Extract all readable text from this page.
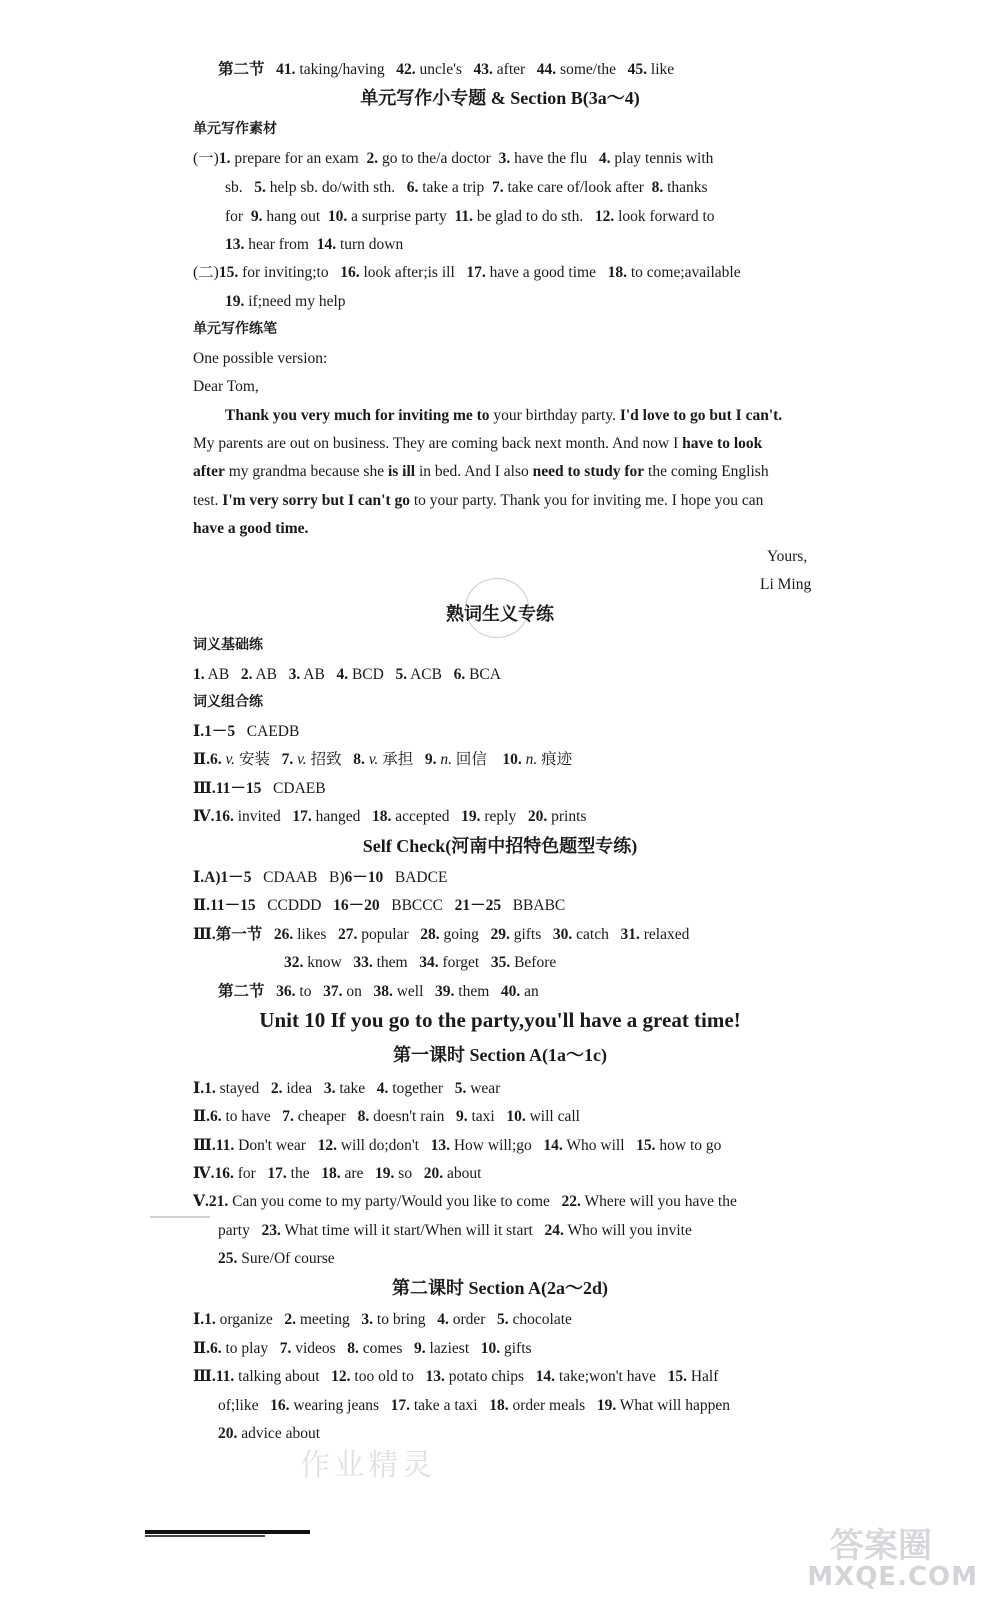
单元写作小专题 & Section B(3a～4)
单元写作素材
单元写作练笔
Yours,
Li Ming
熟词生义专练
词义基础练
词义组合练
Self Check(河南中招特色题型专练)
Unit 10 If you go to the party,you'll have a great time!
第一课时 Section A(1a～1c)
第二课时 Section A(2a～2d)
第二节 41. taking/having   42. uncle's   43. after   44. some/the   45. like
(一)1. prepare for an exam  2. go to the/a doctor  3. have the flu   4. play tennis with
sb.   5. help sb. do/with sth.   6. take a trip  7. take care of/look after  8. thanks
for  9. hang out  10. a surprise party  11. be glad to do sth.   12. look forward to
13. hear from  14. turn down
(二)15. for inviting;to   16. look after;is ill   17. have a good time   18. to come;available
19. if;need my help
One possible version:
Dear Tom,
Thank you very much for inviting me to your birthday party. I'd love to go but I can't.
My parents are out on business. They are coming back next month. And now I have to look
after my grandma because she is ill in bed. And I also need to study for the coming English
test. I'm very sorry but I can't go to your party. Thank you for inviting me. I hope you can
have a good time.
1. AB   2. AB   3. AB   4. BCD   5. ACB   6. BCA
Ⅰ.1－5   CAEDB
Ⅱ.6. v. 安装   7. v. 招致   8. v. 承担   9. n. 回信    10. n. 痕迹
Ⅲ.11－15   CDAEB
Ⅳ.16. invited   17. hanged   18. accepted   19. reply   20. prints
Ⅰ.A)1－5   CDAAB   B)6－10   BADCE
Ⅱ.11－15   CCDDD   16－20   BBCCC   21－25   BBABC
Ⅲ.第一节 26. likes   27. popular   28. going   29. gifts   30. catch   31. relaxed
32. know   33. them   34. forget   35. Before
第二节 36. to   37. on   38. well   39. them   40. an
Ⅰ.1. stayed   2. idea   3. take   4. together   5. wear
Ⅱ.6. to have   7. cheaper   8. doesn't rain   9. taxi   10. will call
Ⅲ.11. Don't wear   12. will do;don't   13. How will;go   14. Who will   15. how to go
Ⅳ.16. for   17. the   18. are   19. so   20. about
Ⅴ.21. Can you come to my party/Would you like to come   22. Where will you have the
party   23. What time will it start/When will it start   24. Who will you invite
25. Sure/Of course
Ⅰ.1. organize   2. meeting   3. to bring   4. order   5. chocolate
Ⅱ.6. to play   7. videos   8. comes   9. laziest   10. gifts
Ⅲ.11. talking about   12. too old to   13. potato chips   14. take;won't have   15. Half
of;like   16. wearing jeans   17. take a taxi   18. order meals   19. What will happen
20. advice about
作业精灵
答案圈
MXQE.COM
